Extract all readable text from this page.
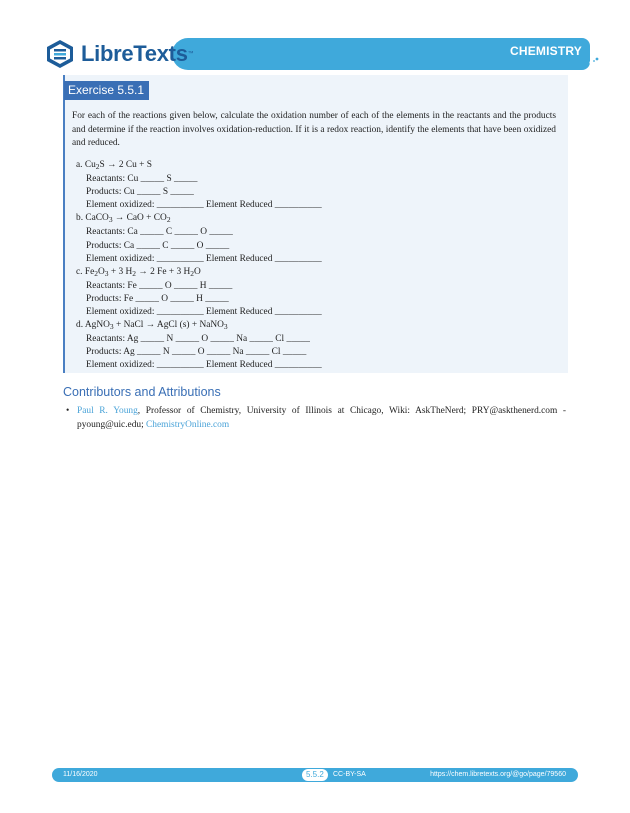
LibreTexts ™	CHEMISTRY
Exercise 5.5.1
For each of the reactions given below, calculate the oxidation number of each of the elements in the reactants and the products and determine if the reaction involves oxidation-reduction. If it is a redox reaction, identify the elements that have been oxidized and reduced.
a. $Cu_2S \to 2$ Cu + S
Reactants: Cu _____ S _____
Products: Cu _____ S _____
Element oxidized: __________ Element Reduced __________
b. CaCO$_3$ → CaO + $CO_2$
Reactants: Ca _____ C _____ O _____
Products: Ca _____ C _____ O _____
Element oxidized: __________ Element Reduced __________
c. $Fe_2O_3 + 3$ $H_2 \to 2$ Fe + 3 $H_2O$
Reactants: Fe _____ O _____ H _____
Products: Fe _____ O _____ H _____
Element oxidized: __________ Element Reduced __________
d. AgNO$_3$ + NaCl → AgCl (s) + NaNO$_3$
Reactants: Ag _____ N _____ O _____ Na _____ Cl _____
Products: Ag _____ N _____ O _____ Na _____ Cl _____
Element oxidized: __________ Element Reduced __________
Contributors and Attributions
• Paul R. Young, Professor of Chemistry, University of Illinois at Chicago, Wiki: AskTheNerd; PRY@askthenerd.com - pyoung@uic.edu; ChemistryOnline.com
11/16/2020	5.5.2	CC-BY-SA	https://chem.libretexts.org/@go/page/79560
